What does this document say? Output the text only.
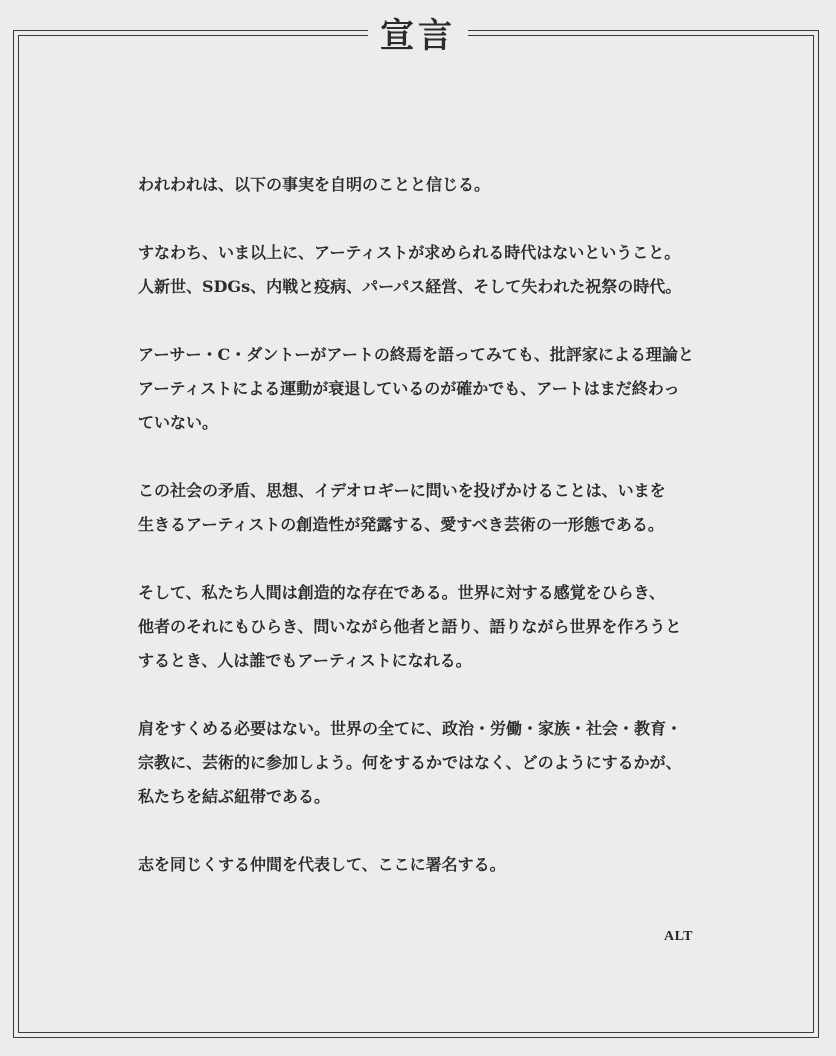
宣言
われわれは、以下の事実を自明のことと信じる。
すなわち、いま以上に、アーティストが求められる時代はないということ。
人新世、SDGs、内戦と疫病、パーパス経営、そして失われた祝祭の時代。
アーサー・C・ダントーがアートの終焉を語ってみても、批評家による理論と
アーティストによる運動が衰退しているのが確かでも、アートはまだ終わっ
ていない。
この社会の矛盾、思想、イデオロギーに問いを投げかけることは、いまを
生きるアーティストの創造性が発露する、愛すべき芸術の一形態である。
そして、私たち人間は創造的な存在である。世界に対する感覚をひらき、
他者のそれにもひらき、問いながら他者と語り、語りながら世界を作ろうと
するとき、人は誰でもアーティストになれる。
肩をすくめる必要はない。世界の全てに、政治・労働・家族・社会・教育・
宗教に、芸術的に参加しよう。何をするかではなく、どのようにするかが、
私たちを結ぶ紐帯である。
志を同じくする仲間を代表して、ここに署名する。
ALT
